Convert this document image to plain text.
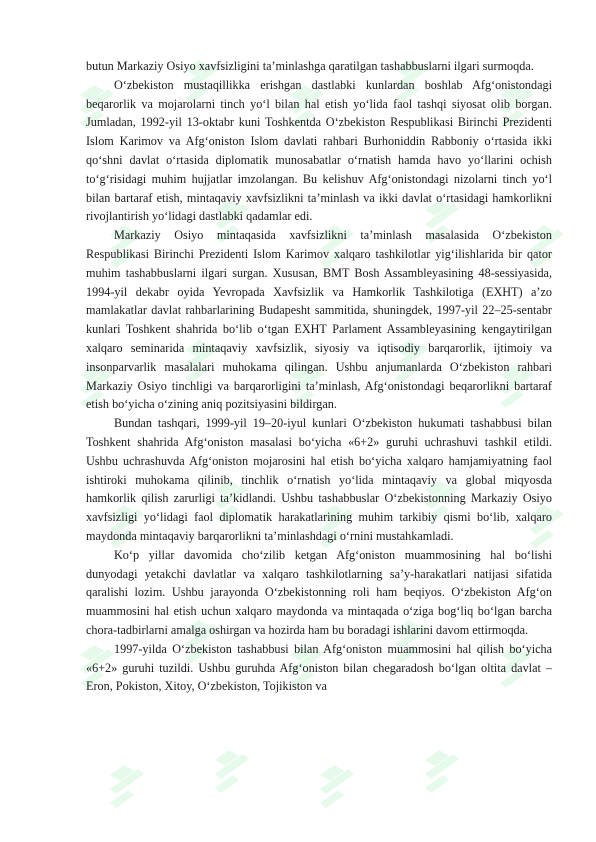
butun Markaziy Osiyo xavfsizligini ta’minlashga qaratilgan tashabbuslarni ilgari surmoqda.

O‘zbekiston mustaqillikka erishgan dastlabki kunlardan boshlab Afg‘onistondagi beqarorlik va mojarolarni tinch yo‘l bilan hal etish yo‘lida faol tashqi siyosat olib borgan. Jumladan, 1992-yil 13-oktabr kuni Toshkentda O‘zbekiston Respublikasi Birinchi Prezidenti Islom Karimov va Afg‘oniston Islom davlati rahbari Burhoniddin Rabboniy o‘rtasida ikki qo‘shni davlat o‘rtasida diplomatik munosabatlar o‘rnatish hamda havo yo‘llarini ochish to‘g‘risidagi muhim hujjatlar imzolangan. Bu kelishuv Afg‘onistondagi nizolarni tinch yo‘l bilan bartaraf etish, mintaqaviy xavfsizlikni ta’minlash va ikki davlat o‘rtasidagi hamkorlikni rivojlantirish yo‘lidagi dastlabki qadamlar edi.

Markaziy Osiyo mintaqasida xavfsizlikni ta’minlash masalasida O‘zbekiston Respublikasi Birinchi Prezidenti Islom Karimov xalqaro tashkilotlar yig‘ilishlarida bir qator muhim tashabbuslarni ilgari surgan. Xususan, BMT Bosh Assambleyasining 48-sessiyasida, 1994-yil dekabr oyida Yevropada Xavfsizlik va Hamkorlik Tashkilotiga (EXHT) a’zo mamlakatlar davlat rahbarlarining Budapesht sammitida, shuningdek, 1997-yil 22–25-sentabr kunlari Toshkent shahrida bo‘lib o‘tgan EXHT Parlament Assambleyasining kengaytirilgan xalqaro seminarida mintaqaviy xavfsizlik, siyosiy va iqtisodiy barqarorlik, ijtimoiy va insonparvarlik masalalari muhokama qilingan. Ushbu anjumanlarda O‘zbekiston rahbari Markaziy Osiyo tinchligi va barqarorligini ta’minlash, Afg‘onistondagi beqarorlikni bartaraf etish bo‘yicha o‘zining aniq pozitsiyasini bildirgan.

Bundan tashqari, 1999-yil 19–20-iyul kunlari O‘zbekiston hukumati tashabbusi bilan Toshkent shahrida Afg‘oniston masalasi bo‘yicha «6+2» guruhi uchrashuvi tashkil etildi. Ushbu uchrashuvda Afg‘oniston mojarosini hal etish bo‘yicha xalqaro hamjamiyatning faol ishtiroki muhokama qilinib, tinchlik o‘rnatish yo‘lida mintaqaviy va global miqyosda hamkorlik qilish zarurligi ta’kidlandi. Ushbu tashabbuslar O‘zbekistonning Markaziy Osiyo xavfsizligi yo‘lidagi faol diplomatik harakatlarining muhim tarkibiy qismi bo‘lib, xalqaro maydonda mintaqaviy barqarorlikni ta’minlashdagi o‘rnini mustahkamladi.

Ko‘p yillar davomida cho‘zilib ketgan Afg‘oniston muammosining hal bo‘lishi dunyodagi yetakchi davlatlar va xalqaro tashkilotlarning sa’y-harakatlari natijasi sifatida qaralishi lozim. Ushbu jarayonda O‘zbekistonning roli ham beqiyos. O‘zbekiston Afg‘on muammosini hal etish uchun xalqaro maydonda va mintaqada o‘ziga bog‘liq bo‘lgan barcha chora-tadbirlarni amalga oshirgan va hozirda ham bu boradagi ishlarini davom ettirmoqda.

1997-yilda O‘zbekiston tashabbusi bilan Afg‘oniston muammosini hal qilish bo‘yicha «6+2» guruhi tuzildi. Ushbu guruhda Afg‘oniston bilan chegaradosh bo‘lgan oltita davlat – Eron, Pokiston, Xitoy, O‘zbekiston, Tojikiston va
